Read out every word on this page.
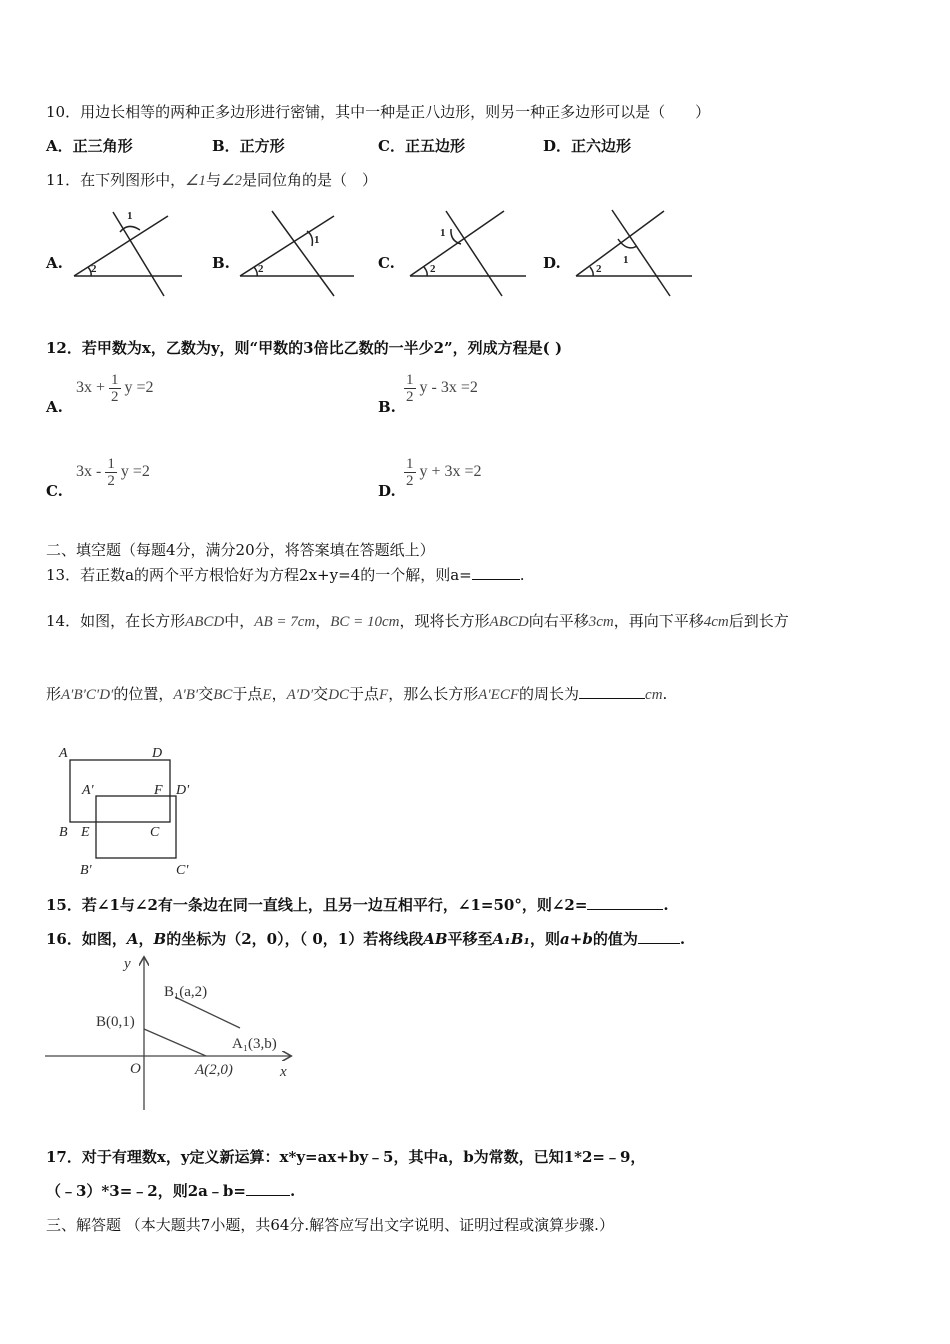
10．用边长相等的两种正多边形进行密铺，其中一种是正八边形，则另一种正多边形可以是（　　）
A．正三角形	B．正方形	C．正五边形	D．正六边形
11．在下列图形中，∠1与∠2是同位角的是（　）
A.	B.	C.	D.
1
2
1
2
1
2
1
2
12．若甲数为x，乙数为y，则“甲数的3倍比乙数的一半少2”，列成方程是( )
A.
$3x + \frac{1}{2}$ y =2
B.
$\frac{1}{2}$ y - 3x =2
C.
$3x - \frac{1}{2}$ y =2
D.
$\frac{1}{2}$ y + 3x =2
二、填空题（每题4分，满分20分，将答案填在答题纸上）
13．若正数a的两个平方根恰好为方程2x+y=4的一个解，则a=	.
14．如图，在长方形ABCD中，AB = 7cm，BC = 10cm，现将长方形ABCD向右平移3cm，再向下平移4cm后到长方
形A′B′C′D′的位置，A′B′交BC于点E，A′D′交DC于点F，那么长方形A′ECF的周长为	cm.
A	D
A'	F D'
B E	C
B'	C'
15．若∠1与∠2有一条边在同一直线上，且另一边互相平行，∠1=50°，则∠2=	.
16．如图，A，B的坐标为（2，0），（ 0，1）若将线段AB平移至A₁B₁，则a+b的值为	.
y
x
O
B(0,1)
A(2,0)
B₁(a,2)
A₁(3,b)
17．对于有理数x，y定义新运算：x*y=ax+by﹣5，其中a，b为常数，已知1*2=﹣9，
（﹣3）*3=﹣2，则2a﹣b=	.
三、解答题 （本大题共7小题，共64分.解答应写出文字说明、证明过程或演算步骤.）
